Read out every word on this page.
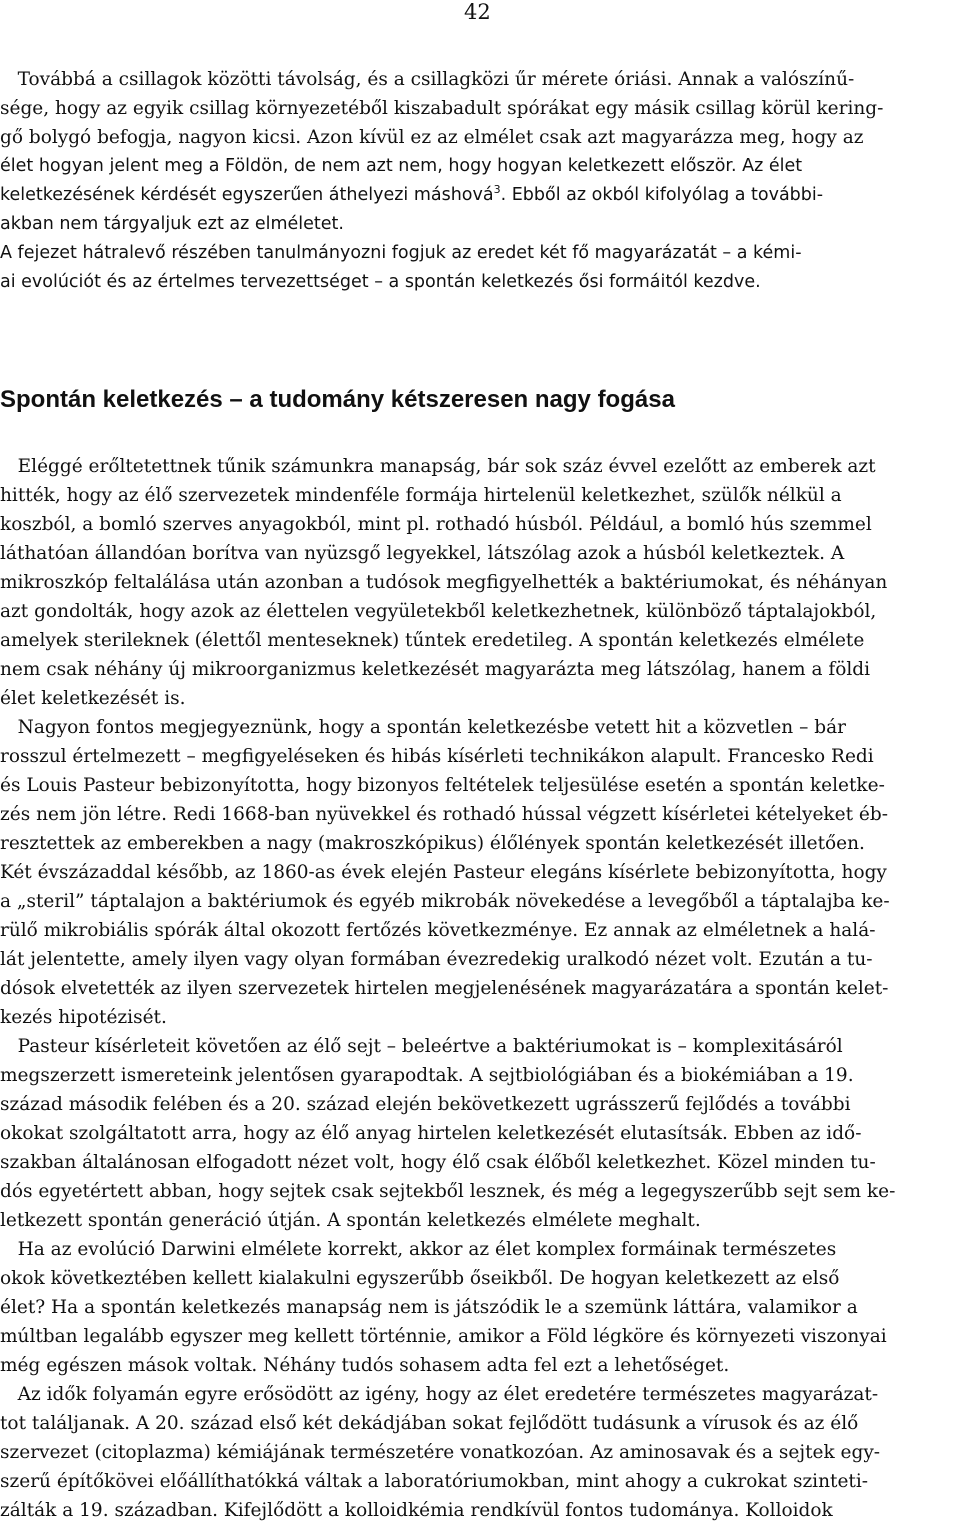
42
Továbbá a csillagok közötti távolság, és a csillagközi űr mérete óriási. Annak a valószínű-
sége, hogy az egyik csillag környezetéből kiszabadult spórákat egy másik csillag körül kering-
gő bolygó befogja, nagyon kicsi. Azon kívül ez az elmélet csak azt magyarázza meg, hogy az
élet hogyan jelent meg a Földön, de nem azt nem, hogy hogyan keletkezett először. Az élet
keletkezésének kérdését egyszerűen áthelyezi máshová$^3$. Ebből az okból kifolyólag a további-
akban nem tárgyaljuk ezt az elméletet.
A fejezet hátralevő részében tanulmányozni fogjuk az eredet két fő magyarázatát – a kémi-
ai evolúciót és az értelmes tervezettséget – a spontán keletkezés ősi formáitól kezdve.
Spontán keletkezés – a tudomány kétszeresen nagy fogása
Eléggé erőltetettnek tűnik számunkra manapság, bár sok száz évvel ezelőtt az emberek azt
hitték, hogy az élő szervezetek mindenféle formája hirtelenül keletkezhet, szülők nélkül a
koszból, a bomló szerves anyagokból, mint pl. rothadó húsból. Például, a bomló hús szemmel
láthatóan állandóan borítva van nyüzsgő legyekkel, látszólag azok a húsból keletkeztek. A
mikroszkóp feltalálása után azonban a tudósok megfigyelhették a baktériumokat, és néhányan
azt gondolták, hogy azok az élettelen vegyületekből keletkezhetnek, különböző táptalajokból,
amelyek sterileknek (élettől menteseknek) tűntek eredetileg. A spontán keletkezés elmélete
nem csak néhány új mikroorganizmus keletkezését magyarázta meg látszólag, hanem a földi
élet keletkezését is.
Nagyon fontos megjegyeznünk, hogy a spontán keletkezésbe vetett hit a közvetlen – bár
rosszul értelmezett – megfigyeléseken és hibás kísérleti technikákon alapult. Francesko Redi
és Louis Pasteur bebizonyította, hogy bizonyos feltételek teljesülése esetén a spontán keletke-
zés nem jön létre. Redi 1668-ban nyüvekkel és rothadó hússal végzett kísérletei kételyeket éb-
resztettek az emberekben a nagy (makroszkópikus) élőlények spontán keletkezését illetően.
Két évszázaddal később, az 1860-as évek elején Pasteur elegáns kísérlete bebizonyította, hogy
a „steril” táptalajon a baktériumok és egyéb mikrobák növekedése a levegőből a táptalajba ke-
rülő mikrobiális spórák által okozott fertőzés következménye. Ez annak az elméletnek a halá-
lát jelentette, amely ilyen vagy olyan formában évezredekig uralkodó nézet volt. Ezután a tu-
dósok elvetették az ilyen szervezetek hirtelen megjelenésének magyarázatára a spontán kelet-
kezés hipotézisét.
Pasteur kísérleteit követően az élő sejt – beleértve a baktériumokat is – komplexitásáról
megszerzett ismereteink jelentősen gyarapodtak. A sejtbiológiában és a biokémiában a 19.
század második felében és a 20. század elején bekövetkezett ugrásszerű fejlődés a további
okokat szolgáltatott arra, hogy az élő anyag hirtelen keletkezését elutasítsák. Ebben az idő-
szakban általánosan elfogadott nézet volt, hogy élő csak élőből keletkezhet. Közel minden tu-
dós egyetértett abban, hogy sejtek csak sejtekből lesznek, és még a legegyszerűbb sejt sem ke-
letkezett spontán generáció útján. A spontán keletkezés elmélete meghalt.
Ha az evolúció Darwini elmélete korrekt, akkor az élet komplex formáinak természetes
okok következtében kellett kialakulni egyszerűbb őseikből. De hogyan keletkezett az első
élet? Ha a spontán keletkezés manapság nem is játszódik le a szemünk láttára, valamikor a
múltban legalább egyszer meg kellett történnie, amikor a Föld légköre és környezeti viszonyai
még egészen mások voltak. Néhány tudós sohasem adta fel ezt a lehetőséget.
Az idők folyamán egyre erősödött az igény, hogy az élet eredetére természetes magyarázat-
tot találjanak. A 20. század első két dekádjában sokat fejlődött tudásunk a vírusok és az élő
szervezet (citoplazma) kémiájának természetére vonatkozóan. Az aminosavak és a sejtek egy-
szerű építőkövei előállíthatókká váltak a laboratóriumokban, mint ahogy a cukrokat szinteti-
zálták a 19. században. Kifejlődött a kolloidkémia rendkívül fontos tudománya. Kolloidok
